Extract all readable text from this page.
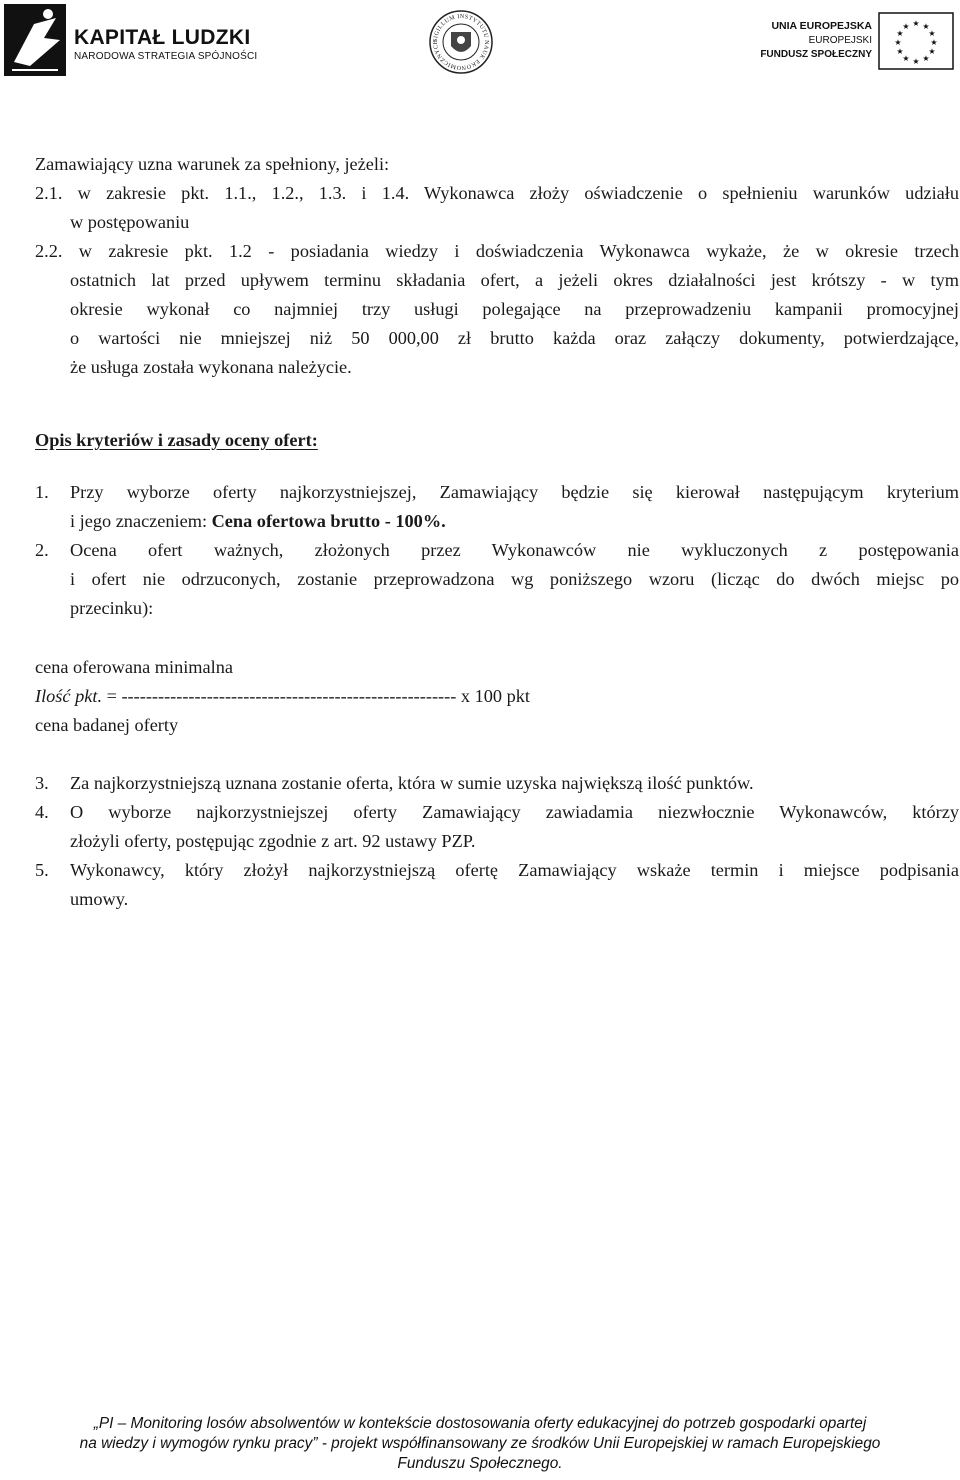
KAPITAŁ LUDZKI
NARODOWA STRATEGIA SPÓJNOŚCI
SIGILLUM INSTYTUTU NAUK EKONOMICZNYCH
UNIA EUROPEJSKA
EUROPEJSKI
FUNDUSZ SPOŁECZNY
★ ★
★
★
★
★
★
★
★
★
★
★
Zamawiający uzna warunek za spełniony, jeżeli:
2.1. w zakresie pkt. 1.1., 1.2., 1.3. i 1.4. Wykonawca złoży oświadczenie o spełnieniu warunków udziału
w postępowaniu
2.2. w zakresie pkt. 1.2 - posiadania wiedzy i doświadczenia Wykonawca wykaże, że w okresie trzech
ostatnich lat przed upływem terminu składania ofert, a jeżeli okres działalności jest krótszy - w tym
okresie wykonał co najmniej trzy usługi polegające na przeprowadzeniu kampanii promocyjnej
o wartości nie mniejszej niż 50 000,00 zł brutto każda oraz załączy dokumenty, potwierdzające,
że usługa została wykonana należycie.
Opis kryteriów i zasady oceny ofert:
1. Przy wyborze oferty najkorzystniejszej, Zamawiający będzie się kierował następującym kryterium
i jego znaczeniem: Cena ofertowa brutto - 100%.
2. Ocena ofert ważnych, złożonych przez Wykonawców nie wykluczonych z postępowania
i ofert nie odrzuconych, zostanie przeprowadzona wg poniższego wzoru (licząc do dwóch miejsc po
przecinku):
cena oferowana minimalna
Ilość pkt. = ------------------------------------------------------- x 100 pkt
cena badanej oferty
3. Za najkorzystniejszą uznana zostanie oferta, która w sumie uzyska największą ilość punktów.
4. O wyborze najkorzystniejszej oferty Zamawiający zawiadamia niezwłocznie Wykonawców, którzy
złożyli oferty, postępując zgodnie z art. 92 ustawy PZP.
5. Wykonawcy, który złożył najkorzystniejszą ofertę Zamawiający wskaże termin i miejsce podpisania
umowy.
„PI – Monitoring losów absolwentów w kontekście dostosowania oferty edukacyjnej do potrzeb gospodarki opartej
na wiedzy i wymogów rynku pracy” - projekt współfinansowany ze środków Unii Europejskiej w ramach Europejskiego
Funduszu Społecznego.
